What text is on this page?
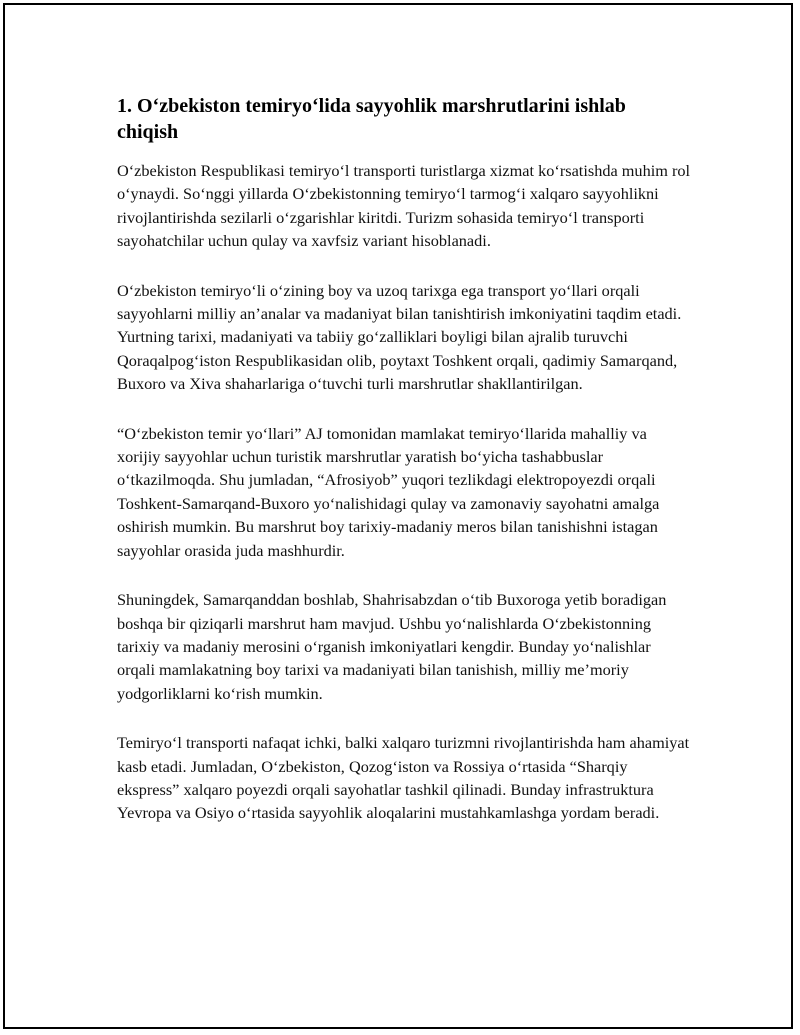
1. O‘zbekiston temiryo‘lida sayyohlik marshrutlarini ishlab chiqish

O‘zbekiston Respublikasi temiryo‘l transporti turistlarga xizmat ko‘rsatishda muhim rol o‘ynaydi. So‘nggi yillarda O‘zbekistonning temiryo‘l tarmog‘i xalqaro sayyohlikni rivojlantirishda sezilarli o‘zgarishlar kiritdi. Turizm sohasida temiryo‘l transporti sayohatchilar uchun qulay va xavfsiz variant hisoblanadi.

O‘zbekiston temiryo‘li o‘zining boy va uzoq tarixga ega transport yo‘llari orqali sayyohlarni milliy an’analar va madaniyat bilan tanishtirish imkoniyatini taqdim etadi. Yurtning tarixi, madaniyati va tabiiy go‘zalliklari boyligi bilan ajralib turuvchi Qoraqalpog‘iston Respublikasidan olib, poytaxt Toshkent orqali, qadimiy Samarqand, Buxoro va Xiva shaharlariga o‘tuvchi turli marshrutlar shakllantirilgan.

“O‘zbekiston temir yo‘llari” AJ tomonidan mamlakat temiryo‘llarida mahalliy va xorijiy sayyohlar uchun turistik marshrutlar yaratish bo‘yicha tashabbuslar o‘tkazilmoqda. Shu jumladan, “Afrosiyob” yuqori tezlikdagi elektropoyezdi orqali Toshkent-Samarqand-Buxoro yo‘nalishidagi qulay va zamonaviy sayohatni amalga oshirish mumkin. Bu marshrut boy tarixiy-madaniy meros bilan tanishishni istagan sayyohlar orasida juda mashhurdir.

Shuningdek, Samarqanddan boshlab, Shahrisabzdan o‘tib Buxoroga yetib boradigan boshqa bir qiziqarli marshrut ham mavjud. Ushbu yo‘nalishlarda O‘zbekistonning tarixiy va madaniy merosini o‘rganish imkoniyatlari kengdir. Bunday yo‘nalishlar orqali mamlakatning boy tarixi va madaniyati bilan tanishish, milliy me’moriy yodgorliklarni ko‘rish mumkin.

Temiryo‘l transporti nafaqat ichki, balki xalqaro turizmni rivojlantirishda ham ahamiyat kasb etadi. Jumladan, O‘zbekiston, Qozog‘iston va Rossiya o‘rtasida “Sharqiy ekspress” xalqaro poyezdi orqali sayohatlar tashkil qilinadi. Bunday infrastruktura Yevropa va Osiyo o‘rtasida sayyohlik aloqalarini mustahkamlashga yordam beradi.
